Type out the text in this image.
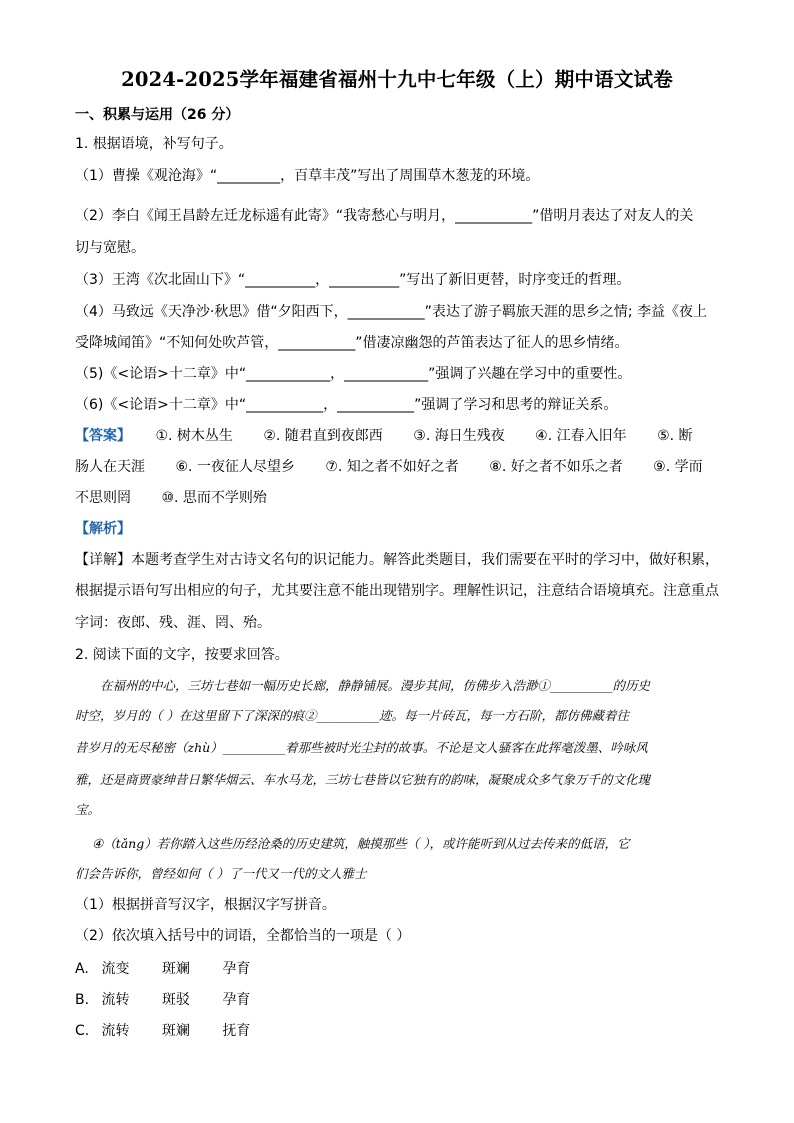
2024-2025学年福建省福州十九中七年级（上）期中语文试卷
一、积累与运用（26 分）
1. 根据语境，补写句子。
（1）曹操《观沧海》“_________，百草丰茂”写出了周围草木葱茏的环境。
（2）李白《闻王昌龄左迁龙标遥有此寄》“我寄愁心与明月，___________”借明月表达了对友人的关
切与宽慰。
（3）王湾《次北固山下》“__________，__________”写出了新旧更替，时序变迁的哲理。
（4）马致远《天净沙·秋思》借“夕阳西下，___________”表达了游子羁旅天涯的思乡之情; 李益《夜上
受降城闻笛》“不知何处吹芦管，___________”借凄凉幽怨的芦笛表达了征人的思乡情绪。
（5)《<论语>十二章》中“____________，____________”强调了兴趣在学习中的重要性。
（6)《<论语>十二章》中“___________，___________”强调了学习和思考的辩证关系。
【答案】 ①. 树木丛生 ②. 随君直到夜郎西 ③. 海日生残夜 ④. 江春入旧年 ⑤. 断
肠人在天涯 ⑥. 一夜征人尽望乡 ⑦. 知之者不如好之者 ⑧. 好之者不如乐之者 ⑨. 学而
不思则罔 ⑩. 思而不学则殆
【解析】
【详解】本题考查学生对古诗文名句的识记能力。解答此类题目，我们需要在平时的学习中，做好积累，
根据提示语句写出相应的句子，尤其要注意不能出现错别字。理解性识记，注意结合语境填充。注意重点
字词：夜郎、残、涯、罔、殆。
2. 阅读下面的文字，按要求回答。
在福州的中心，三坊七巷如一幅历史长廊，静静铺展。漫步其间，仿佛步入浩渺①__________的历史
时空，岁月的（ ）在这里留下了深深的痕②__________迹。每一片砖瓦，每一方石阶，都仿佛藏着往
昔岁月的无尽秘密（zhù）__________着那些被时光尘封的故事。不论是文人骚客在此挥毫泼墨、吟咏风
雅，还是商贾豪绅昔日繁华烟云、车水马龙，三坊七巷皆以它独有的韵味，凝聚成众多气象万千的文化瑰
宝。
④（tǎng）若你踏入这些历经沧桑的历史建筑，触摸那些（ ），或许能听到从过去传来的低语，它
们会告诉你，曾经如何（ ）了一代又一代的文人雅士
（1）根据拼音写汉字，根据汉字写拼音。
（2）依次填入括号中的词语，全都恰当的一项是（ ）
A. 流变 斑斓 孕育
B. 流转 斑驳 孕育
C. 流转 斑斓 抚育
